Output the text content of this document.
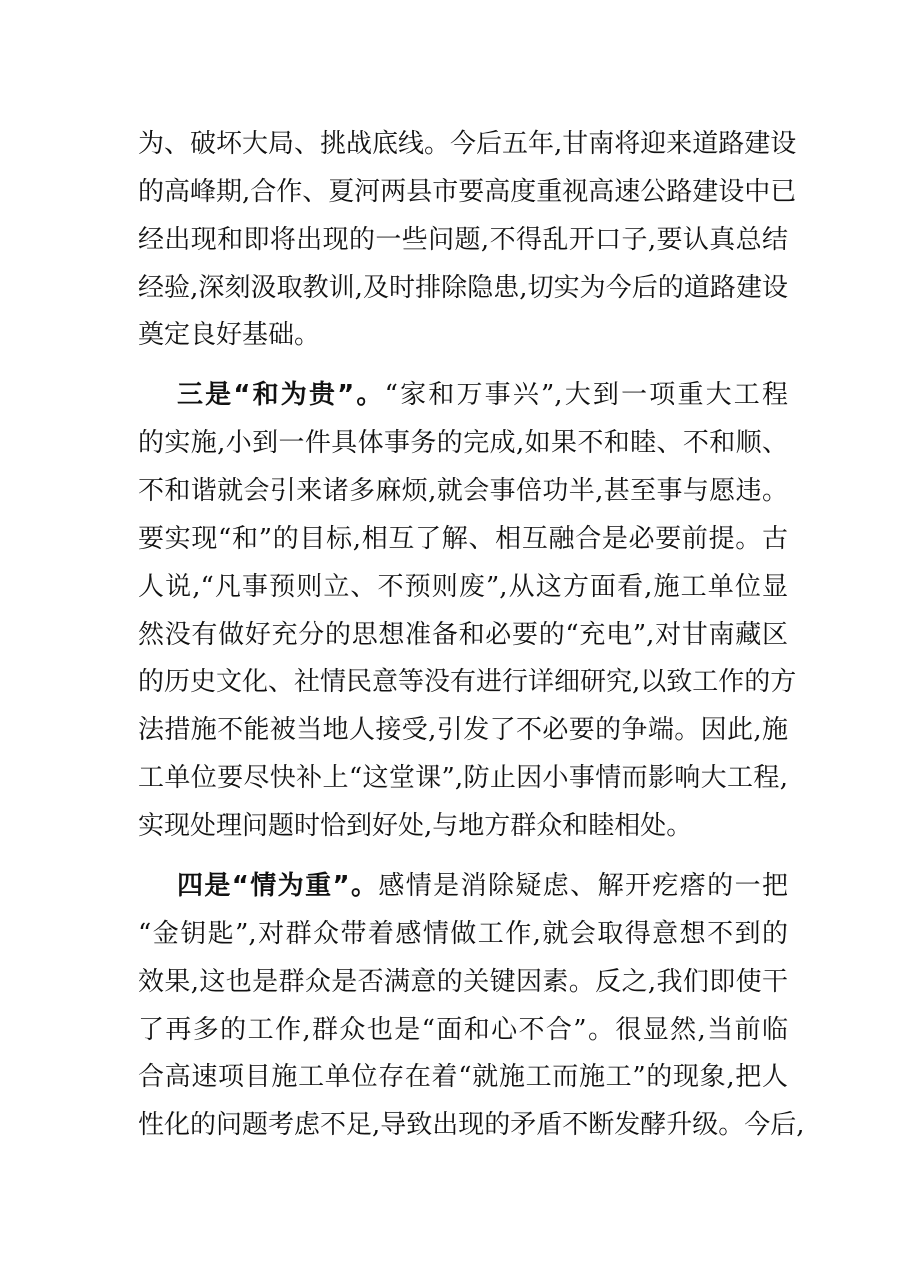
为、破坏大局、挑战底线。今后五年,甘南将迎来道路建设
的高峰期,合作、夏河两县市要高度重视高速公路建设中已
经出现和即将出现的一些问题,不得乱开口子,要认真总结
经验,深刻汲取教训,及时排除隐患,切实为今后的道路建设
奠定良好基础。
三是“和为贵”。“家和万事兴”,大到一项重大工程
的实施,小到一件具体事务的完成,如果不和睦、不和顺、
不和谐就会引来诸多麻烦,就会事倍功半,甚至事与愿违。
要实现“和”的目标,相互了解、相互融合是必要前提。古
人说,“凡事预则立、不预则废”,从这方面看,施工单位显
然没有做好充分的思想准备和必要的“充电”,对甘南藏区
的历史文化、社情民意等没有进行详细研究,以致工作的方
法措施不能被当地人接受,引发了不必要的争端。因此,施
工单位要尽快补上“这堂课”,防止因小事情而影响大工程,
实现处理问题时恰到好处,与地方群众和睦相处。
四是“情为重”。感情是消除疑虑、解开疙瘩的一把
“金钥匙”,对群众带着感情做工作,就会取得意想不到的
效果,这也是群众是否满意的关键因素。反之,我们即使干
了再多的工作,群众也是“面和心不合”。很显然,当前临
合高速项目施工单位存在着“就施工而施工”的现象,把人
性化的问题考虑不足,导致出现的矛盾不断发酵升级。今后,
